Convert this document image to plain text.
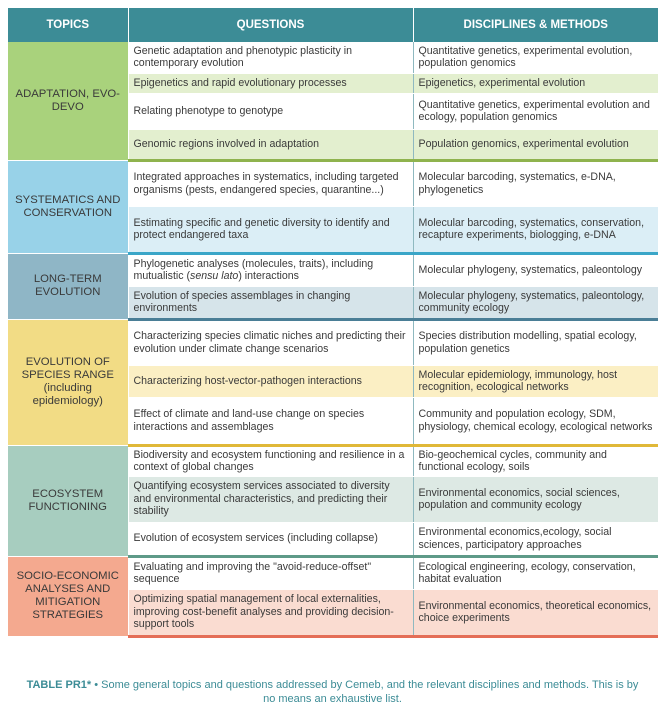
TOPICS	QUESTIONS	DISCIPLINES & METHODS
ADAPTATION, EVO-DEVO	Genetic adaptation and phenotypic plasticity in contemporary evolution	Quantitative genetics, experimental evolution, population genomics
	Epigenetics and rapid evolutionary processes	Epigenetics, experimental evolution
	Relating phenotype to genotype	Quantitative genetics, experimental evolution and ecology, population genomics
	Genomic regions involved in adaptation	Population genomics, experimental evolution
SYSTEMATICS AND CONSERVATION	Integrated approaches in systematics, including targeted organisms (pests, endangered species, quarantine...)	Molecular barcoding, systematics, e-DNA, phylogenetics
	Estimating specific and genetic diversity to identify and protect endangered taxa	Molecular barcoding, systematics, conservation, recapture experiments, biologging, e-DNA
LONG-TERM EVOLUTION	Phylogenetic analyses (molecules, traits), including mutualistic (sensu lato) interactions	Molecular phylogeny, systematics, paleontology
	Evolution of species assemblages in changing environments	Molecular phylogeny, systematics, paleontology, community ecology
EVOLUTION OF SPECIES RANGE (including epidemiology)	Characterizing species climatic niches and predicting their evolution under climate change scenarios	Species distribution modelling, spatial ecology, population genetics
	Characterizing host-vector-pathogen interactions	Molecular epidemiology, immunology, host recognition, ecological networks
	Effect of climate and land-use change on species interactions and assemblages	Community and population ecology, SDM, physiology, chemical ecology, ecological networks
ECOSYSTEM FUNCTIONING	Biodiversity and ecosystem functioning and resilience in a context of global changes	Bio-geochemical cycles, community and functional ecology, soils
	Quantifying ecosystem services associated to diversity and environmental characteristics, and predicting their stability	Environmental economics, social sciences, population and community ecology
	Evolution of ecosystem services (including collapse)	Environmental economics,ecology, social sciences, participatory approaches
SOCIO-ECONOMIC ANALYSES AND MITIGATION STRATEGIES	Evaluating and improving the "avoid-reduce-offset" sequence	Ecological engineering, ecology, conservation, habitat evaluation
	Optimizing spatial management of local externalities, improving cost-benefit analyses and providing decision-support tools	Environmental economics, theoretical economics, choice experiments
TABLE PR1* • Some general topics and questions addressed by Cemeb, and the relevant disciplines and methods. This is by no means an exhaustive list.
